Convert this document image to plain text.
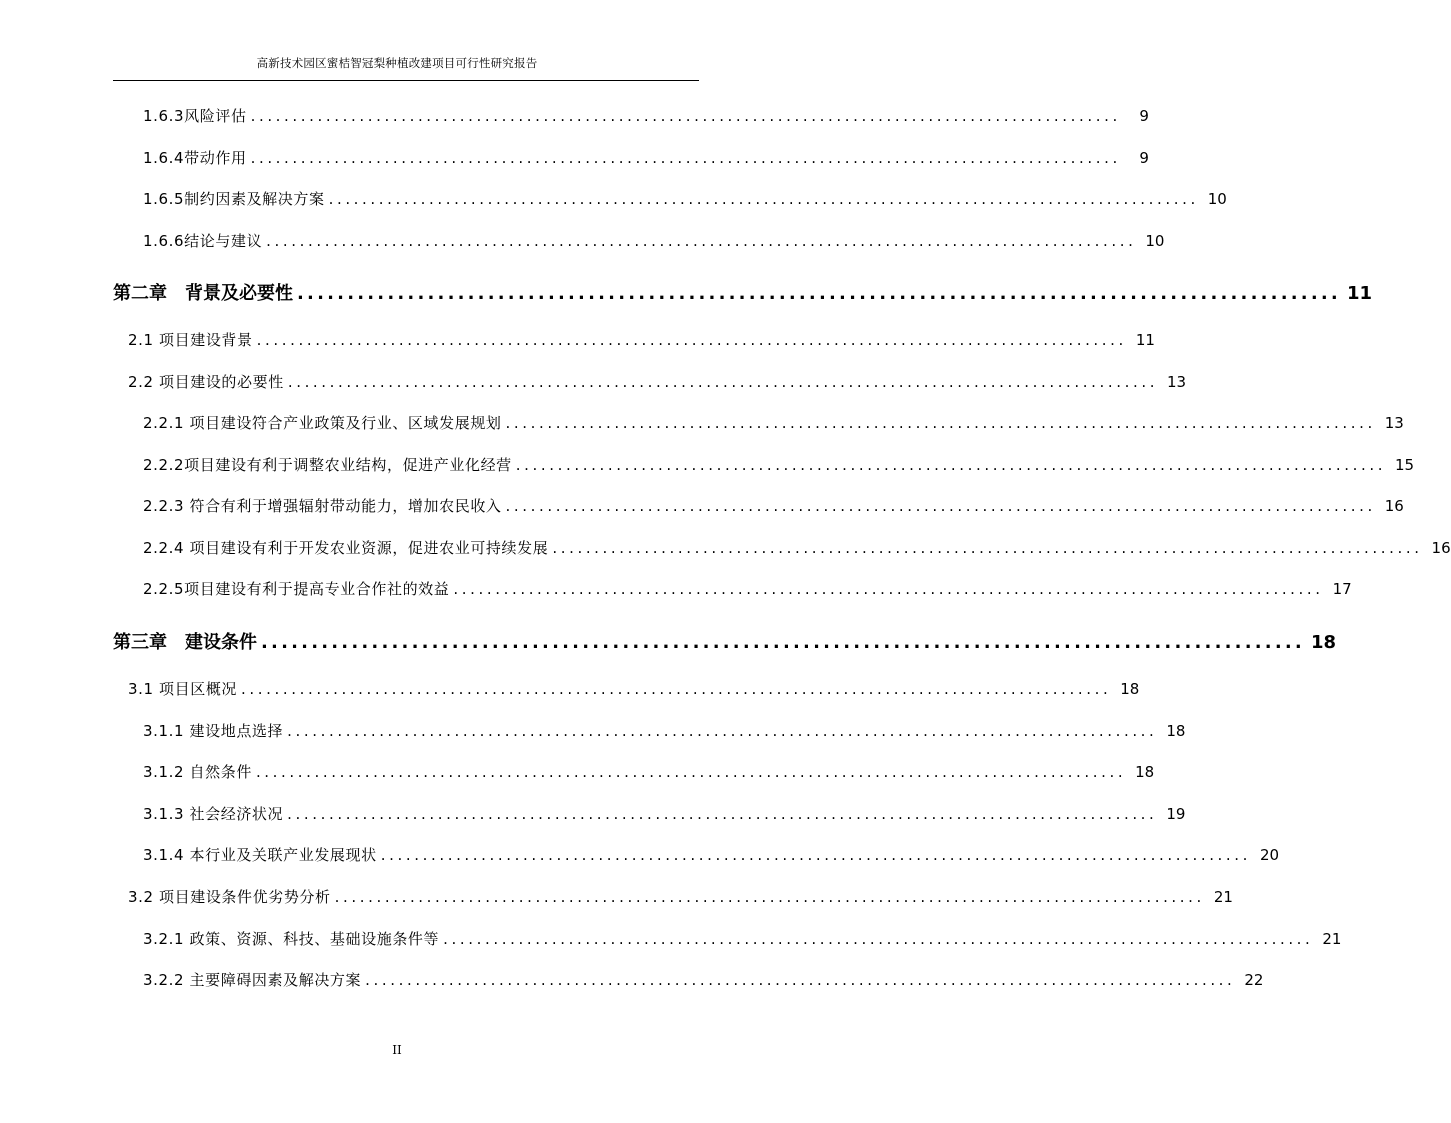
高新技术园区蜜桔智冠梨种植改建项目可行性研究报告
1.6.3风险评估 ........................................................................................................	9
1.6.4带动作用 ........................................................................................................	9
1.6.5制约因素及解决方案 ........................................................................................................ 10
1.6.6结论与建议 ........................................................................................................ 10
第二章　背景及必要性 ........................................................................................................ 11
2.1 项目建设背景 ........................................................................................................ 11
2.2 项目建设的必要性 ........................................................................................................ 13
2.2.1 项目建设符合产业政策及行业、区域发展规划 ........................................................................................................ 13
2.2.2项目建设有利于调整农业结构，促进产业化经营 ........................................................................................................ 15
2.2.3 符合有利于增强辐射带动能力，增加农民收入 ........................................................................................................ 16
2.2.4 项目建设有利于开发农业资源，促进农业可持续发展 ........................................................................................................ 16
2.2.5项目建设有利于提高专业合作社的效益 ........................................................................................................ 17
第三章　建设条件 ........................................................................................................ 18
3.1 项目区概况 ........................................................................................................ 18
3.1.1 建设地点选择 ........................................................................................................ 18
3.1.2 自然条件 ........................................................................................................ 18
3.1.3 社会经济状况 ........................................................................................................ 19
3.1.4 本行业及关联产业发展现状 ........................................................................................................ 20
3.2 项目建设条件优劣势分析 ........................................................................................................ 21
3.2.1 政策、资源、科技、基础设施条件等 ........................................................................................................ 21
3.2.2 主要障碍因素及解决方案 ........................................................................................................ 22
II
